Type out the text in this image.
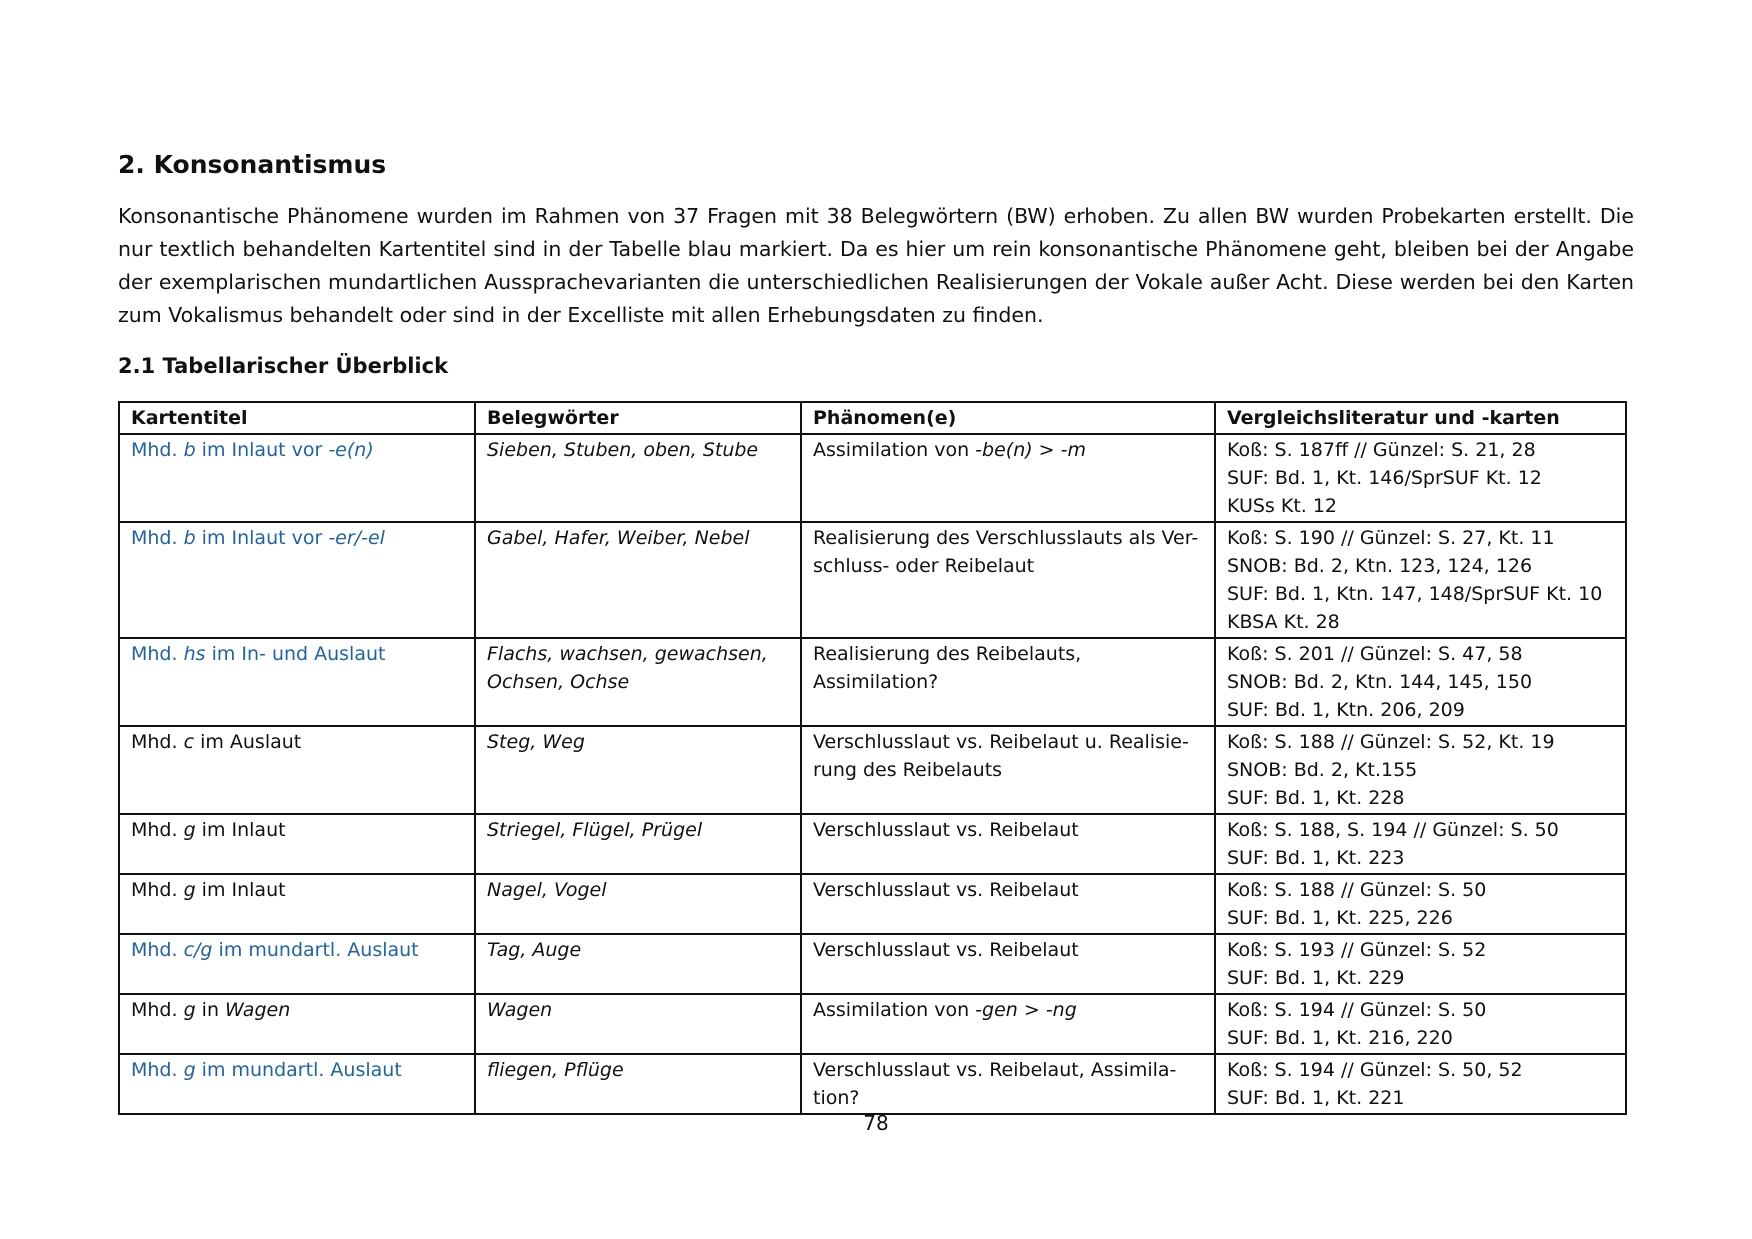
2. Konsonantismus
Konsonantische Phänomene wurden im Rahmen von 37 Fragen mit 38 Belegwörtern (BW) erhoben. Zu allen BW wurden Probekarten erstellt. Die nur textlich behandelten Kartentitel sind in der Tabelle blau markiert. Da es hier um rein konsonantische Phänomene geht, bleiben bei der Angabe der exemplarischen mundartlichen Aussprachevarianten die unterschiedlichen Realisierungen der Vokale außer Acht. Diese werden bei den Karten zum Vokalismus behandelt oder sind in der Excelliste mit allen Erhebungsdaten zu finden.
2.1 Tabellarischer Überblick
Kartentitel	Belegwörter	Phänomen(e)	Vergleichsliteratur und -karten
Mhd. b im Inlaut vor -e(n)	Sieben, Stuben, oben, Stube	Assimilation von -be(n) > -m	Koß: S. 187ff // Günzel: S. 21, 28
SUF: Bd. 1, Kt. 146/SprSUF Kt. 12
KUSs Kt. 12

Mhd. b im Inlaut vor -er/-el	Gabel, Hafer, Weiber, Nebel	Realisierung des Verschlusslauts als Ver-
schluss- oder Reibelaut	Koß: S. 190 // Günzel: S. 27, Kt. 11
SNOB: Bd. 2, Ktn. 123, 124, 126
SUF: Bd. 1, Ktn. 147, 148/SprSUF Kt. 10
KBSA Kt. 28

Mhd. hs im In- und Auslaut	Flachs, wachsen, gewachsen,
Ochsen, Ochse	Realisierung des Reibelauts, Assimilation?	Koß: S. 201 // Günzel: S. 47, 58
SNOB: Bd. 2, Ktn. 144, 145, 150
SUF: Bd. 1, Ktn. 206, 209

Mhd. c im Auslaut	Steg, Weg	Verschlusslaut vs. Reibelaut u. Realisie-
rung des Reibelauts	Koß: S. 188 // Günzel: S. 52, Kt. 19
SNOB: Bd. 2, Kt.155
SUF: Bd. 1, Kt. 228

Mhd. g im Inlaut	Striegel, Flügel, Prügel	Verschlusslaut vs. Reibelaut	Koß: S. 188, S. 194 // Günzel: S. 50
SUF: Bd. 1, Kt. 223

Mhd. g im Inlaut	Nagel, Vogel	Verschlusslaut vs. Reibelaut	Koß: S. 188 // Günzel: S. 50
SUF: Bd. 1, Kt. 225, 226

Mhd. c/g im mundartl. Auslaut	Tag, Auge	Verschlusslaut vs. Reibelaut	Koß: S. 193 // Günzel: S. 52
SUF: Bd. 1, Kt. 229

Mhd. g in Wagen	Wagen	Assimilation von -gen > -ng	Koß: S. 194 // Günzel: S. 50
SUF: Bd. 1, Kt. 216, 220

Mhd. g im mundartl. Auslaut	fliegen, Pflüge	Verschlusslaut vs. Reibelaut, Assimila-
tion?	Koß: S. 194 // Günzel: S. 50, 52
SUF: Bd. 1, Kt. 221
78
